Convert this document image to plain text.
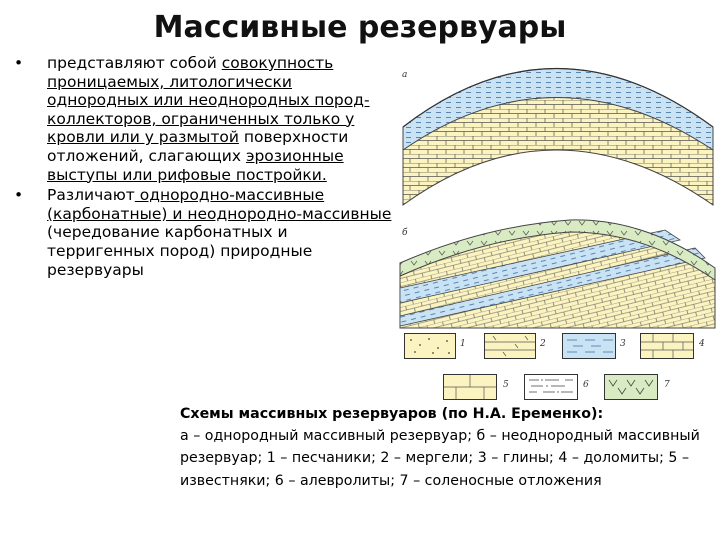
Массивные резервуары
• представляют собой совокупность проницаемых, литологически однородных или неоднородных пород-коллекторов, ограниченных только у кровли или у размытой поверхности отложений, слагающих эрозионные выступы или рифовые постройки.
• Различают однородно-массивные (карбонатные) и неоднородно-массивные (чередование карбонатных и терригенных пород) природные резервуары
а
б
1	2	3	4
5	6	7
Схемы массивных резервуаров (по Н.А. Еременко):
а – однородный массивный резервуар; б – неоднородный массивный резервуар; 1 – песчаники; 2 – мергели; 3 – глины; 4 – доломиты; 5 – известняки; 6 – алевролиты; 7 – соленосные отложения
